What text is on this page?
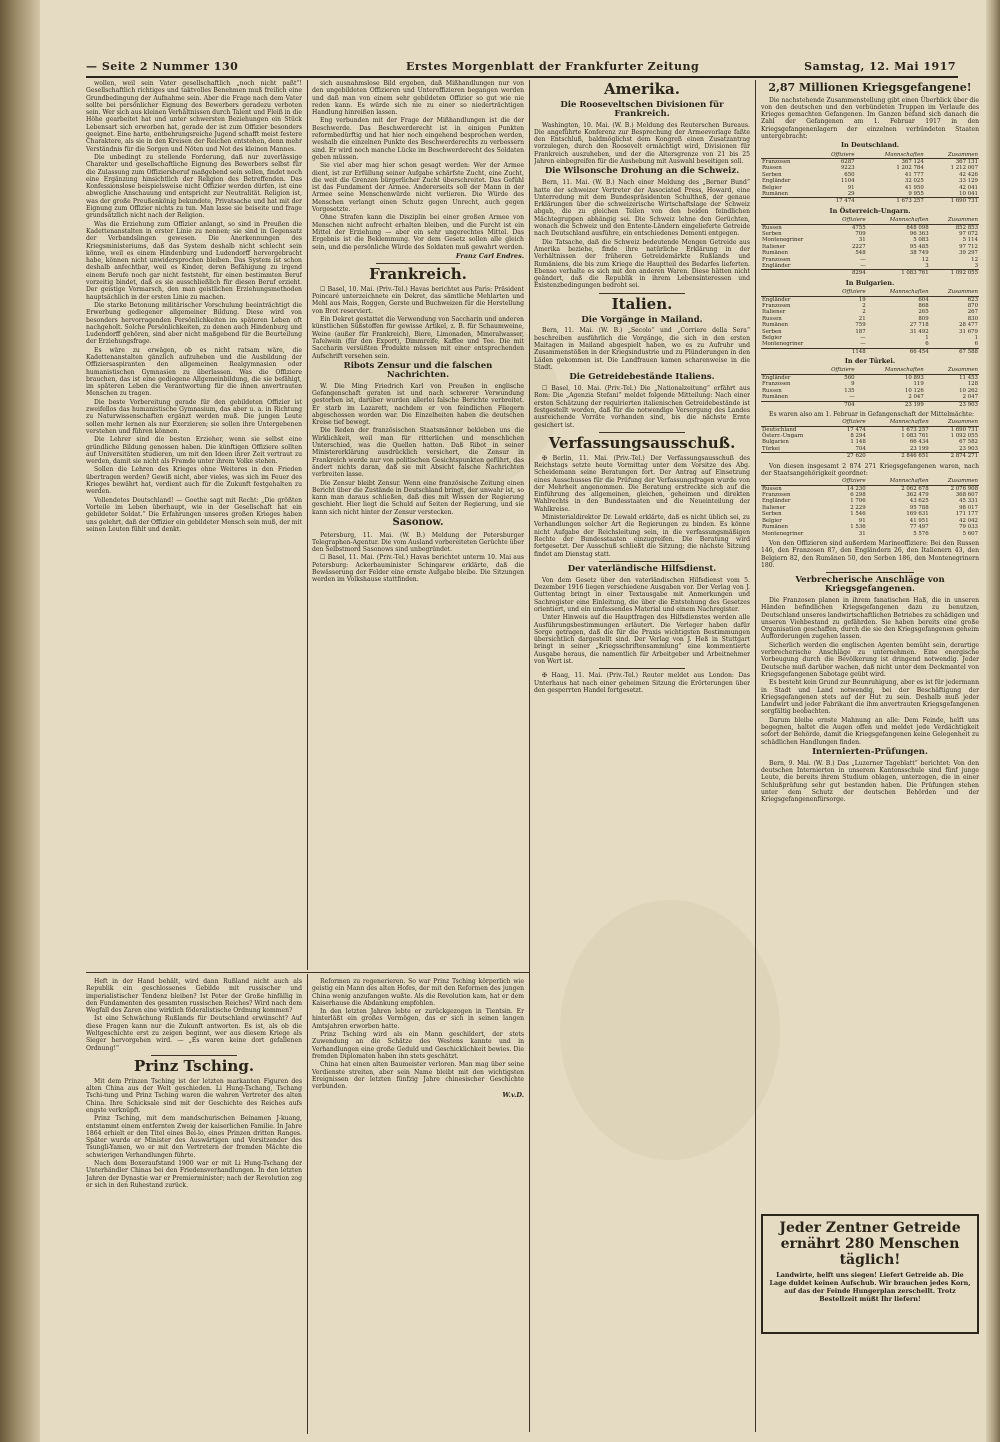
— Seite 2 Nummer 130	Erstes Morgenblatt der Frankfurter Zeitung	Samstag, 12. Mai 1917

wollen, weil sein Vater gesellschaftlich „noch nicht paßt“! Gesellschaftlich richtiges und taktvolles Benehmen muß freilich eine Grundbedingung der Aufnahme sein. Aber die Frage nach dem Vater sollte bei persönlicher Eignung des Bewerbers geradezu verboten sein. Wer sich aus kleinen Verhältnissen durch Talent und Fleiß in die Höhe gearbeitet hat und unter schwersten Beziehungen ein Stück Lebensart sich erworben hat, gerade der ist zum Offizier besonders geeignet. Eine harte, entbehrungsreiche Jugend schafft meist festere Charaktere, als sie in den Kreisen der Reichen entstehen, denn mehr Verständnis für die Sorgen und Nöten und Not des kleinen Mannes.

Die unbedingt zu stellende Forderung, daß nur zuverlässige Charakter und gesellschaftliche Eignung des Bewerbers selbst für die Zulassung zum Offiziersberuf maßgebend sein sollen, findet noch eine Ergänzung hinsichtlich der Religion des Betreffenden. Das Konfessionslose beispielsweise nicht Offizier werden dürfen, ist eine abwegliche Anschauung und entspricht zur Neutralität. Religion ist, was der große Preußenkönig bekundete, Privatsache und hat mit der Eignung zum Offizier nichts zu tun. Man lasse sie beiseite und frage grundsätzlich nicht nach der Religion.

Was die Erziehung zum Offizier anlangt, so sind in Preußen die Kadettenanstalten in erster Linie zu nennen; sie sind in Gegensatz der Verbandslingen gewesen. Die Anerkennungen des Kriegsministeriums, daß das System deshalb nicht schlecht sein könne, weil es einem Hindenburg und Ludendorff hervorgebracht habe, können nicht unwidersprochen bleiben. Das System ist schon deshalb anfechtbar, weil es Kinder, deren Befähigung zu irgend einem Berufe noch gar nicht feststeht, für einen bestimmten Beruf vorzeitig bindet, daß es sie ausschließlich für diesen Beruf erzieht. Der geistige Vormarsch, den man geistlichen Erziehungsmethoden hauptsächlich in der ersten Linie zu machen.

Die starke Betonung militärischer Vorschulung beeinträchtigt die Erwerbung gediegener allgemeiner Bildung. Diese wird von besonders hervorragenden Persönlichkeiten im späteren Leben oft nachgeholt. Solche Persönlichkeiten, zu denen auch Hindenburg und Ludendorff gehören, sind aber nicht maßgebend für die Beurteilung der Erziehungsfrage.

Es wäre zu erwägen, ob es nicht ratsam wäre, die Kadettenanstalten gänzlich aufzuheben und die Ausbildung der Offiziersaspiranten den allgemeinen Realgymnasien oder humanistischen Gymnasien zu überlassen. Was die Offiziere brauchen, das ist eine gediegene Allgemeinbildung, die sie befähigt, im späteren Leben die Verantwortung für die ihnen anvertrauten Menschen zu tragen.

Die beste Vorbereitung gerade für den gebildeten Offizier ist zweifellos das humanistische Gymnasium, das aber u. a. in Richtung zu Naturwissenschaften ergänzt werden muß. Die jungen Leute sollen mehr lernen als nur Exerzieren; sie sollen ihre Untergebenen verstehen und führen können.

Die Lehrer sind die besten Erzieher, wenn sie selbst eine gründliche Bildung genossen haben. Die künftigen Offiziere sollten auf Universitäten studieren, um mit den Ideen ihrer Zeit vertraut zu werden, damit sie nicht als Fremde unter ihrem Volke stehen.

Sollen die Lehren des Krieges ohne Weiteres in den Frieden übertragen werden? Gewiß nicht, aber vieles, was sich im Feuer des Krieges bewährt hat, verdient auch für die Zukunft festgehalten zu werden.

Vollendetes Deutschland! — Goethe sagt mit Recht: „Die größten Vorteile im Leben überhaupt, wie in der Gesellschaft hat ein gebildeter Soldat.“ Die Erfahrungen unseres großen Krieges haben uns gelehrt, daß der Offizier ein gebildeter Mensch sein muß, der mit seinen Leuten fühlt und denkt.

sich ausnahmslose Bild ergeben, daß Mißhandlungen nur von den ungebildeten Offizieren und Unteroffizieren begangen werden und daß man von einem sehr gebildeten Offizier so gut wie nie reden kann. Es würde sich nie zu einer so niederträchtigen Handlung hinreißen lassen.

Eng verbunden mit der Frage der Mißhandlungen ist die der Beschwerde. Das Beschwerderecht ist in einigen Punkten reformbedürftig und hat hier noch eingehend besprochen werden, weshalb die einzelnen Punkte des Beschwerderechts zu verbessern sind. Er wird noch manche Lücke im Beschwerderecht des Soldaten geben müssen.

Sie viel aber mag hier schon gesagt werden: Wer der Armee dient, ist zur Erfüllung seiner Aufgabe schärfste Zucht, eine Zucht, die weit die Grenzen bürgerlicher Zucht überschreitet. Das Gefühl ist das Fundament der Armee. Andererseits soll der Mann in der Armee seine Menschenwürde nicht verlieren. Die Würde des Menschen verlangt einen Schutz gegen Unrecht, auch gegen Vorgesetzte.

Ohne Strafen kann die Disziplin bei einer großen Armee von Menschen nicht aufrecht erhalten bleiben, und die Furcht ist ein Mittel der Erziehung — aber ein sehr ungerechtes Mittel. Das Ergebnis ist die Beklemmung. Vor dem Gesetz sollen alle gleich sein, und die persönliche Würde des Soldaten muß gewahrt werden.

Franz Carl Endres.
Frankreich.

☐ Basel, 10. Mai. (Priv.-Tel.) Havas berichtet aus Paris: Präsident Poincaré unterzeichnete ein Dekret, das sämtliche Mehlarten und Mehl aus Mais, Roggen, Gerste und Buchweizen für die Herstellung von Brot reserviert.

Ein Dekret gestattet die Verwendung von Saccharin und anderen künstlichen Süßstoffen für gewisse Artikel, z. B. für Schaumweine, Weine (außer für Frankreich), Biere, Limonaden, Mineralwasser, Tafelwein (für den Export), Dimmreife, Kaffee und Tee. Die mit Saccharin versüßten Produkte müssen mit einer entsprechenden Aufschrift versehen sein.

Ribots Zensur und die falschen Nachrichten.

W. Die Ming Friedrich Karl von Preußen in englische Gefangenschaft geraten ist und nach schwerer Verwundung gestorben ist, darüber wurden allerlei falsche Berichte verbreitet. Er starb im Lazarett, nachdem er von feindlichen Fliegern abgeschossen worden war. Die Einzelheiten haben die deutschen Kreise tief bewegt.

Die Reden der französischen Staatsmänner bekleben uns die Wirklichkeit, weil man für ritterlichen und menschlichen Unterschied, was die Quellen hatten. Daß Ribot in seiner Ministererklärung ausdrücklich versichert, die Zensur in Frankreich werde nur von politischen Gesichtspunkten geführt, das ändert nichts daran, daß sie mit Absicht falsche Nachrichten verbreiten lasse.

Die Zensur bleibt Zensur. Wenn eine französische Zeitung einen Bericht über die Zustände in Deutschland bringt, der unwahr ist, so kann man daraus schließen, daß dies mit Wissen der Regierung geschieht. Hier liegt die Schuld auf Seiten der Regierung, und sie kann sich nicht hinter der Zensur verstecken.

Sasonow.

Petersburg, 11. Mai. (W. B.) Meldung der Petersburger Telegraphen-Agentur. Die vom Ausland vorbereiteten Gerüchte über den Selbstmord Sasonows sind unbegründet.

☐ Basel, 11. Mai. (Priv.-Tel.) Havas berichtet unterm 10. Mai aus Petersburg: Ackerbauminister Schingarew erklärte, daß die Bewässerung der Felder eine ernste Aufgabe bleibe. Die Sitzungen werden im Volkshause stattfinden.

Amerika.
Die Rooseveltschen Divisionen für Frankreich.

Washington, 10. Mai. (W. B.) Meldung des Reuterschen Bureaus. Die angeführte Konferenz zur Besprechung der Armeevorlage faßte den Entschluß, baldmöglichst dem Kongreß einen Zusatzantrag vorzulegen, durch den Roosevelt ermächtigt wird, Divisionen für Frankreich auszuheben, und der die Altersgrenze von 21 bis 25 Jahren einbegreifen für die Aushebung mit Auswahl beseitigen soll.

Die Wilsonsche Drohung an die Schweiz.

Bern, 11. Mai. (W. B.) Nach einer Meldung des „Berner Bund“ hatte der schweizer Vertreter der Associated Press, Howard, eine Unterredung mit dem Bundespräsidenten Schultheß, der genaue Erklärungen über die schweizerische Wirtschaftslage der Schweiz abgab, die zu gleichen Teilen von den beiden feindlichen Mächtegruppen abhängig sei. Die Schweiz lehne den Gerüchten, wonach die Schweiz und den Entente-Ländern eingelieferte Getreide nach Deutschland ausführe, ein entschiedenes Dementi entgegen.

Die Tatsache, daß die Schweiz bedeutende Mengen Getreide aus Amerika beziehe, finde ihre natürliche Erklärung in der Verhältnissen der früheren Getreidemärkte Rußlands und Rumäniens, die bis zum Kriege die Hauptteil des Bedarfes lieferten. Ebenso verhalte es sich mit den anderen Waren. Diese hätten nicht geändert, daß die Republik in ihrem Lebensinteressen und Existenzbedingungen bedroht sei.

Italien.
Die Vorgänge in Mailand.

Bern, 11. Mai. (W. B.) „Secolo“ und „Corriere della Sera“ beschreiben ausführlich die Vorgänge, die sich in den ersten Maitagen in Mailand abgespielt haben, wo es zu Aufruhr und Zusammenstößen in der Kriegsindustrie und zu Plünderungen in den Läden gekommen ist. Die Landfrauen kamen scharenweise in die Stadt.

Die Getreidebestände Italiens.

☐ Basel, 10. Mai. (Priv.-Tel.) Die „Nationalzeitung“ erfährt aus Rom: Die „Agenzia Stefani“ meldet folgende Mitteilung: Nach einer ersten Schätzung der requirierten italienischen Getreidebestände ist festgestellt worden, daß für die notwendige Versorgung des Landes ausreichende Vorräte vorhanden sind, bis die nächste Ernte gesichert ist.

Verfassungsausschuß.

✠ Berlin, 11. Mai. (Priv.-Tel.) Der Verfassungsausschuß des Reichstags setzte heute Vormittag unter dem Vorsitze des Abg. Scheidemann seine Beratungen fort. Der Antrag auf Einsetzung eines Ausschusses für die Prüfung der Verfassungsfragen wurde von der Mehrheit angenommen. Die Beratung erstreckte sich auf die Einführung des allgemeinen, gleichen, geheimen und direkten Wahlrechts in den Bundesstaaten und die Neueinteilung der Wahlkreise.

Ministerialdirektor Dr. Lewald erklärte, daß es nicht üblich sei, zu Verhandlungen solcher Art die Regierungen zu binden. Es könne nicht Aufgabe der Reichsleitung sein, in die verfassungsmäßigen Rechte der Bundesstaaten einzugreifen. Die Beratung wird fortgesetzt. Der Ausschuß schließt die Sitzung; die nächste Sitzung findet am Dienstag statt.

Der vaterländische Hilfsdienst.

Von dem Gesetz über den vaterländischen Hilfsdienst vom 5. Dezember 1916 liegen verschiedene Ausgaben vor. Der Verlag von J. Guttentag bringt in einer Textausgabe mit Anmerkungen und Sachregister eine Einleitung, die über die Entstehung des Gesetzes orientiert, und ein umfassendes Material und einem Nachregister.

Unter Hinweis auf die Hauptfragen des Hilfsdienstes werden alle Ausführungsbestimmungen erläutert. Die Verleger haben dafür Sorge getragen, daß die für die Praxis wichtigsten Bestimmungen übersichtlich dargestellt sind. Der Verlag von J. Heß in Stuttgart bringt in seiner „Kriegsschriftensammlung“ eine kommentierte Ausgabe heraus, die namentlich für Arbeitgeber und Arbeitnehmer von Wert ist.

✠ Haag, 11. Mai. (Priv.-Tel.) Reuter meldet aus London: Das Unterhaus hat nach einer geheimen Sitzung die Erörterungen über den gesperrten Handel fortgesetzt.

2,87 Millionen Kriegsgefangene!

Die nachstehende Zusammenstellung gibt einen Überblick über die von den deutschen und den verbündeten Truppen im Verlaufe des Krieges gemachten Gefangenen. Im Ganzen befand sich danach die Zahl der Gefangenen am 1. Februar 1917 in den Kriegsgefangenenlagern der einzelnen verbündeten Staaten untergebracht:

In Deutschland.
	Offiziere	Mannschaften	Zusammen
Franzosen	6287	367 124	367 131
Russen	9223	1 202 784	1 212 007
Serben	650	41 777	42 426
Engländer	1104	32 025	33 129
Belgier	91	41 950	42 041
Rumänen	29	9 955	10 041
	17 474	1 673 257	1 690 731
In Österreich-Ungarn.
	Offiziere	Mannschaften	Zusammen
Russen	4755	848 098	852 853
Serben	709	96 363	97 072
Montenegriner	31	5 083	5 114
Italiener	2227	95 485	97 712
Rumänen	548	38 749	39 297
Franzosen	—	12	12
Engländer	—	3	3
	8294	1 083 761	1 092 055
In Bulgarien.
	Offiziere	Mannschaften	Zusammen
Engländer	19	604	623
Franzosen	2	868	870
Italiener	2	265	267
Russen	21	809	830
Rumänen	759	27 718	28 477
Serben	187	31 492	31 679
Belgier	—	1	1
Montenegriner	—	6	6
	1148	66 454	67 588
In der Türkei.
	Offiziere	Mannschaften	Zusammen
Engländer	560	10 893	11 453
Franzosen	9	119	128
Russen	135	10 126	10 262
Rumänen	—	2 047	2 047
	704	23 199	23 903

Es waren also am 1. Februar in Gefangenschaft der Mittelmächte:

	Offiziere	Mannschaften	Zusammen
Deutschland	17 474	1 673 257	1 690 731
Österr.-Ungarn	8 294	1 083 761	1 092 055
Bulgarien	1 148	66 434	67 582
Türkei	704	23 199	23 903
	27 620	2 846 651	2 874 271

Von diesen insgesamt 2 874 271 Kriegsgefangenen waren, nach der Staatsangehörigkeit geordnet:

	Offiziere	Mannschaften	Zusammen
Russen	14 230	2 062 678	2 076 908
Franzosen	6 298	362 479	368 607
Engländer	1 706	43 625	45 331
Italiener	2 229	95 788	98 017
Serben	1 546	169 631	171 177
Belgier	91	41 951	42 042
Rumänen	1 536	77 497	79 033
Montenegriner	31	5 576	5 607

Von den Offizieren sind außerdem Marineoffiziere: Bei den Russen 146, den Franzosen 87, den Engländern 26, den Italienern 43, den Belgiern 82, den Rumänen 50, den Serben 186, den Montenegrinern 180.

Verbrecherische Anschläge von Kriegsgefangenen.

Die Franzosen planen in ihrem fanatischen Haß, die in unseren Händen befindlichen Kriegsgefangenen dazu zu benutzen, Deutschland unseres landwirtschaftlichen Betriebes zu schädigen und unseren Viehbestand zu gefährden. Sie haben bereits eine große Organisation geschaffen, durch die sie den Kriegsgefangenen geheim Aufforderungen zugehen lassen.

Sicherlich werden die englischen Agenten bemüht sein, derartige verbrecherische Anschläge zu unternehmen. Eine energische Vorbeugung durch die Bevölkerung ist dringend notwendig. Jeder Deutsche muß darüber wachen, daß nicht unter dem Deckmantel von Kriegsgefangenen Sabotage geübt wird.

Es besteht kein Grund zur Beunruhigung, aber es ist für jedermann in Stadt und Land notwendig, bei der Beschäftigung der Kriegsgefangenen stets auf der Hut zu sein. Deshalb muß jeder Landwirt und jeder Fabrikant die ihm anvertrauten Kriegsgefangenen sorgfältig beobachten.

Darum bleibe ernste Mahnung an alle: Dem Feinde, helft uns begegnen, haltet die Augen offen und meldet jede Verdächtigkeit sofort der Behörde, damit die Kriegsgefangenen keine Gelegenheit zu schädlichen Handlungen finden.

Internierten-Prüfungen.

Bern, 9. Mai. (W. B.) Das „Luzerner Tageblatt“ berichtet: Von den deutschen Internierten in unserem Kantonsschule sind fünf junge Leute, die bereits ihrem Studium oblagen, unterzogen, die in einer Schlußprüfung sehr gut bestanden haben. Die Prüfungen stehen unter dem Schutz der deutschen Behörden und der Kriegsgefangenenfürsorge.

Jeder Zentner Getreide ernährt 280 Menschen täglich!
Landwirte, helft uns siegen! Liefert Getreide ab. Die Lage duldet keinen Aufschub. Wir brauchen jedes Korn, auf das der Feinde Hungerplan zerschellt. Trotz Bestellzeit müßt Ihr liefern!

Heft in der Hand behält, wird dann Rußland nicht auch als Republik ein geschlossenes Gebilde mit russischer und imperialistischer Tendenz bleiben? Ist Peter der Große hinfällig in den Fundamenten des gesamten russischen Reiches? Wird nach dem Wegfall des Zaren eine wirklich föderalistische Ordnung kommen?

Ist eine Schwächung Rußlands für Deutschland erwünscht? Auf diese Fragen kann nur die Zukunft antworten. Es ist, als ob die Weltgeschichte erst zu zeigen beginnt, wer aus diesem Kriege als Sieger hervorgehen wird. — „Es waren keine dort gefallenen Ordnung!“

Prinz Tsching.

Mit dem Prinzen Tsching ist der letzten markanten Figuren des alten China aus der Welt geschieden. Li Hung-Tschang, Tschang Tschi-tung und Prinz Tsching waren die wahren Vertreter des alten China. Ihre Schicksale sind mit der Geschichte des Reiches aufs engste verknüpft.

Prinz Tsching, mit dem mandschurischen Beinamen J-kuang, entstammt einem entfernten Zweig der kaiserlichen Familie. In Jahre 1864 erhielt er den Titel eines Bei-lo, eines Prinzen dritten Ranges. Später wurde er Minister des Auswärtigen und Vorsitzender des Tsungli-Yamen, wo er mit den Vertretern der fremden Mächte die schwierigen Verhandlungen führte.

Nach dem Boxeraufstand 1900 war er mit Li Hung-Tschang der Unterhändler Chinas bei den Friedensverhandlungen. In den letzten Jahren der Dynastie war er Premierminister; nach der Revolution zog er sich in den Ruhestand zurück.

Reformen zu regenerieren. So war Prinz Tsching körperlich wie geistig ein Mann des alten Hofes, der mit den Reformen des jungen China wenig anzufangen wußte. Als die Revolution kam, hat er dem Kaiserhause die Abdankung empfohlen.

In den letzten Jahren lebte er zurückgezogen in Tientsin. Er hinterläßt ein großes Vermögen, das er sich in seinen langen Amtsjahren erworben hatte.

Prinz Tsching wird als ein Mann geschildert, der stets Zuwendung an die Schätze des Westens kannte und in Verhandlungen eine große Geduld und Geschicklichkeit bewies. Die fremden Diplomaten haben ihn stets geschätzt.

China hat einen alten Baumeister verloren. Man mag über seine Verdienste streiten, aber sein Name bleibt mit den wichtigsten Ereignissen der letzten fünfzig Jahre chinesischer Geschichte verbunden.

W.v.D.
